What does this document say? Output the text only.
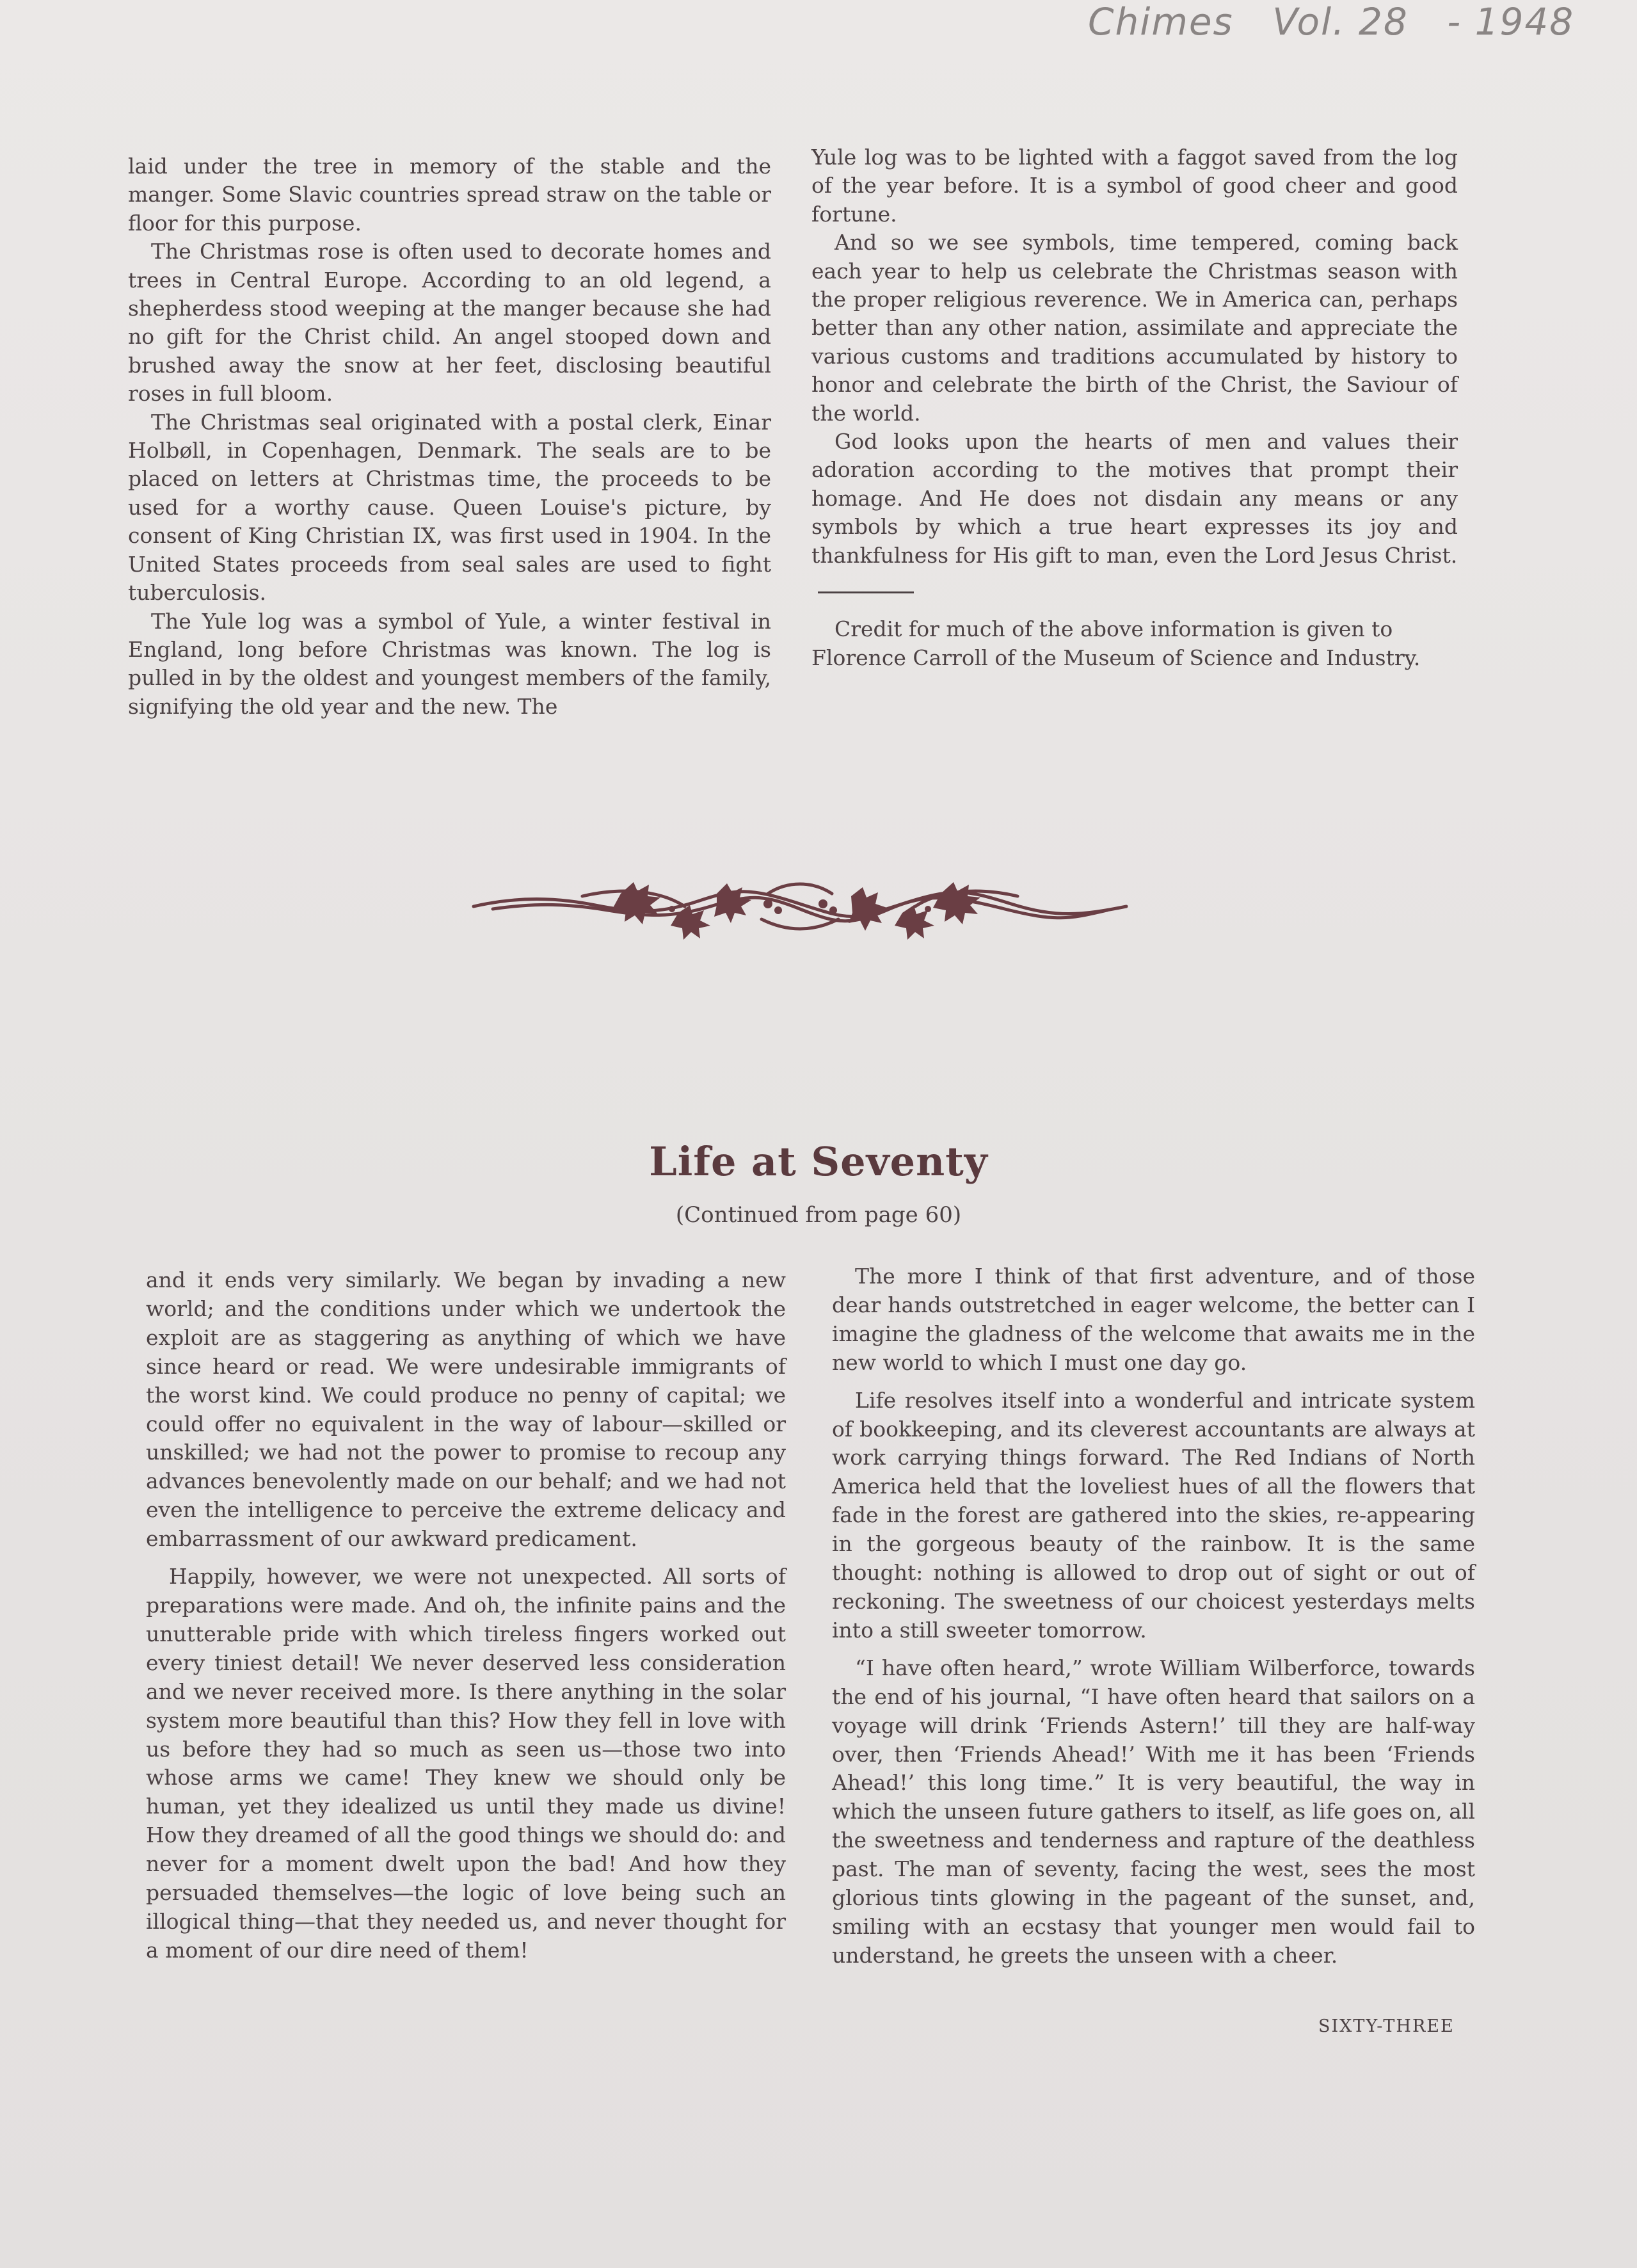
Chimes Vol. 28 - 1948

laid under the tree in memory of the stable and the manger. Some Slavic countries spread straw on the table or floor for this purpose.

The Christmas rose is often used to decorate homes and trees in Central Europe. According to an old legend, a shepherdess stood weeping at the manger because she had no gift for the Christ child. An angel stooped down and brushed away the snow at her feet, disclosing beautiful roses in full bloom.

The Christmas seal originated with a postal clerk, Einar Holbøll, in Copenhagen, Denmark. The seals are to be placed on letters at Christmas time, the proceeds to be used for a worthy cause. Queen Louise's picture, by consent of King Christian IX, was first used in 1904. In the United States proceeds from seal sales are used to fight tuberculosis.

The Yule log was a symbol of Yule, a winter festival in England, long before Christmas was known. The log is pulled in by the oldest and youngest members of the family, signifying the old year and the new. The

Yule log was to be lighted with a faggot saved from the log of the year before. It is a symbol of good cheer and good fortune.

And so we see symbols, time tempered, coming back each year to help us celebrate the Christmas season with the proper religious reverence. We in America can, perhaps better than any other nation, assimilate and appreciate the various customs and traditions accumulated by history to honor and celebrate the birth of the Christ, the Saviour of the world.

God looks upon the hearts of men and values their adoration according to the motives that prompt their homage. And He does not disdain any means or any symbols by which a true heart expresses its joy and thankfulness for His gift to man, even the Lord Jesus Christ.

Credit for much of the above information is given to Florence Carroll of the Museum of Science and Industry.

Life at Seventy
(Continued from page 60)

and it ends very similarly. We began by invading a new world; and the conditions under which we undertook the exploit are as staggering as anything of which we have since heard or read. We were undesirable immigrants of the worst kind. We could produce no penny of capital; we could offer no equivalent in the way of labour—skilled or unskilled; we had not the power to promise to recoup any advances benevolently made on our behalf; and we had not even the intelligence to perceive the extreme delicacy and embarrassment of our awkward predicament.

Happily, however, we were not unexpected. All sorts of preparations were made. And oh, the infinite pains and the unutterable pride with which tireless fingers worked out every tiniest detail! We never deserved less consideration and we never received more. Is there anything in the solar system more beautiful than this? How they fell in love with us before they had so much as seen us—those two into whose arms we came! They knew we should only be human, yet they idealized us until they made us divine! How they dreamed of all the good things we should do: and never for a moment dwelt upon the bad! And how they persuaded themselves—the logic of love being such an illogical thing—that they needed us, and never thought for a moment of our dire need of them!

The more I think of that first adventure, and of those dear hands outstretched in eager welcome, the better can I imagine the gladness of the welcome that awaits me in the new world to which I must one day go.

Life resolves itself into a wonderful and intricate system of bookkeeping, and its cleverest accountants are always at work carrying things forward. The Red Indians of North America held that the loveliest hues of all the flowers that fade in the forest are gathered into the skies, re-appearing in the gorgeous beauty of the rainbow. It is the same thought: nothing is allowed to drop out of sight or out of reckoning. The sweetness of our choicest yesterdays melts into a still sweeter tomorrow.

“I have often heard,” wrote William Wilberforce, towards the end of his journal, “I have often heard that sailors on a voyage will drink ‘Friends Astern!’ till they are half-way over, then ‘Friends Ahead!’ With me it has been ‘Friends Ahead!’ this long time.” It is very beautiful, the way in which the unseen future gathers to itself, as life goes on, all the sweetness and tenderness and rapture of the deathless past. The man of seventy, facing the west, sees the most glorious tints glowing in the pageant of the sunset, and, smiling with an ecstasy that younger men would fail to understand, he greets the unseen with a cheer.

SIXTY-THREE
